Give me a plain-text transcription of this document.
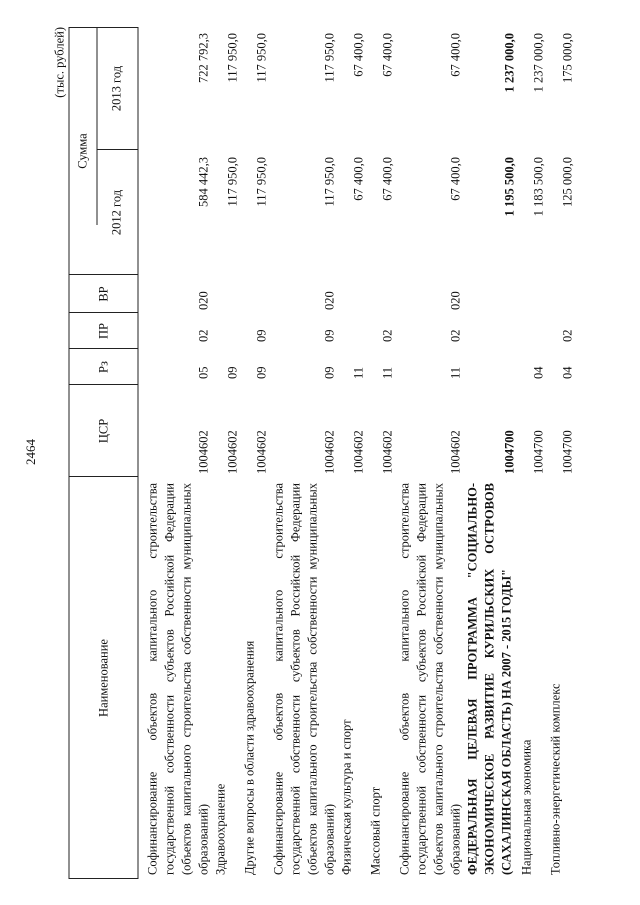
2464
(тыс. рублей)
Наименование
ЦСР
Рз
ПР
ВР
Сумма
2012 год
2013 год
Софинансирование объектов капитального строительства государственной собственности субъектов Российской Федерации (объектов капитального строительства собственности муниципальных образований)
1004602
05
02
020
584 442,3
722 792,3
Здравоохранение
1004602
09
117 950,0
117 950,0
Другие вопросы в области здравоохранения
1004602
09
09
117 950,0
117 950,0
Софинансирование объектов капитального строительства государственной собственности субъектов Российской Федерации (объектов капитального строительства собственности муниципальных образований)
1004602
09
09
020
117 950,0
117 950,0
Физическая культура и спорт
1004602
11
67 400,0
67 400,0
Массовый спорт
1004602
11
02
67 400,0
67 400,0
Софинансирование объектов капитального строительства государственной собственности субъектов Российской Федерации (объектов капитального строительства собственности муниципальных образований)
1004602
11
02
020
67 400,0
67 400,0
ФЕДЕРАЛЬНАЯ ЦЕЛЕВАЯ ПРОГРАММА "СОЦИАЛЬНО-ЭКОНОМИЧЕСКОЕ РАЗВИТИЕ КУРИЛЬСКИХ ОСТРОВОВ (САХАЛИНСКАЯ ОБЛАСТЬ) НА 2007 - 2015 ГОДЫ"
1004700
1 195 500,0
1 237 000,0
Национальная экономика
1004700
04
1 183 500,0
1 237 000,0
Топливно-энергетический комплекс
1004700
04
02
125 000,0
175 000,0
